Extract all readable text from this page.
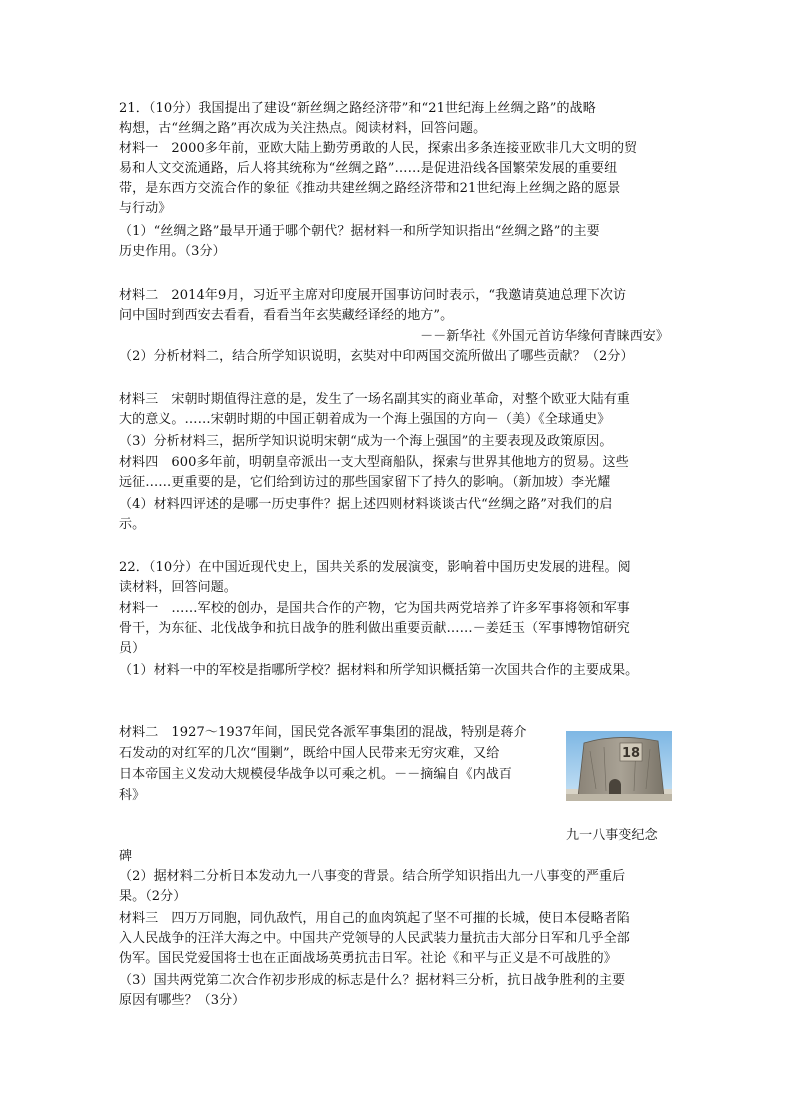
21．（10分）我国提出了建设“新丝绸之路经济带”和“21世纪海上丝绸之路”的战略
构想，古“丝绸之路”再次成为关注热点。阅读材料，回答问题。
材料一　2000多年前，亚欧大陆上勤劳勇敢的人民，探索出多条连接亚欧非几大文明的贸
易和人文交流通路，后人将其统称为“丝绸之路”……是促进沿线各国繁荣发展的重要纽
带，是东西方交流合作的象征《推动共建丝绸之路经济带和21世纪海上丝绸之路的愿景
与行动》
（1）“丝绸之路”最早开通于哪个朝代？据材料一和所学知识指出“丝绸之路”的主要
历史作用。（3分）
材料二　2014年9月，习近平主席对印度展开国事访问时表示，“我邀请莫迪总理下次访
问中国时到西安去看看，看看当年玄奘藏经译经的地方”。
－－新华社《外国元首访华缘何青睐西安》
（2）分析材料二，结合所学知识说明，玄奘对中印两国交流所做出了哪些贡献？（2分）
材料三　宋朝时期值得注意的是，发生了一场名副其实的商业革命，对整个欧亚大陆有重
大的意义。……宋朝时期的中国正朝着成为一个海上强国的方向－（美）《全球通史》
（3）分析材料三，据所学知识说明宋朝“成为一个海上强国”的主要表现及政策原因。
材料四　600多年前，明朝皇帝派出一支大型商船队，探索与世界其他地方的贸易。这些
远征……更重要的是，它们给到访过的那些国家留下了持久的影响。（新加坡）李光耀
（4）材料四评述的是哪一历史事件？据上述四则材料谈谈古代“丝绸之路”对我们的启
示。
22．（10分）在中国近现代史上，国共关系的发展演变，影响着中国历史发展的进程。阅
读材料，回答问题。
材料一　……军校的创办，是国共合作的产物，它为国共两党培养了许多军事将领和军事
骨干，为东征、北伐战争和抗日战争的胜利做出重要贡献……－姜廷玉（军事博物馆研究
员）
（1）材料一中的军校是指哪所学校？据材料和所学知识概括第一次国共合作的主要成果。
材料二　1927～1937年间，国民党各派军事集团的混战，特别是蒋介
石发动的对红军的几次“围剿”，既给中国人民带来无穷灾难，又给
日本帝国主义发动大规模侵华战争以可乘之机。－－摘编自《内战百
科》
18
九一八事变纪念
碑
（2）据材料二分析日本发动九一八事变的背景。结合所学知识指出九一八事变的严重后
果。（2分）
材料三　四万万同胞，同仇敌忾，用自己的血肉筑起了坚不可摧的长城，使日本侵略者陷
入人民战争的汪洋大海之中。中国共产党领导的人民武装力量抗击大部分日军和几乎全部
伪军。国民党爱国将士也在正面战场英勇抗击日军。社论《和平与正义是不可战胜的》
（3）国共两党第二次合作初步形成的标志是什么？据材料三分析，抗日战争胜利的主要
原因有哪些？（3分）
